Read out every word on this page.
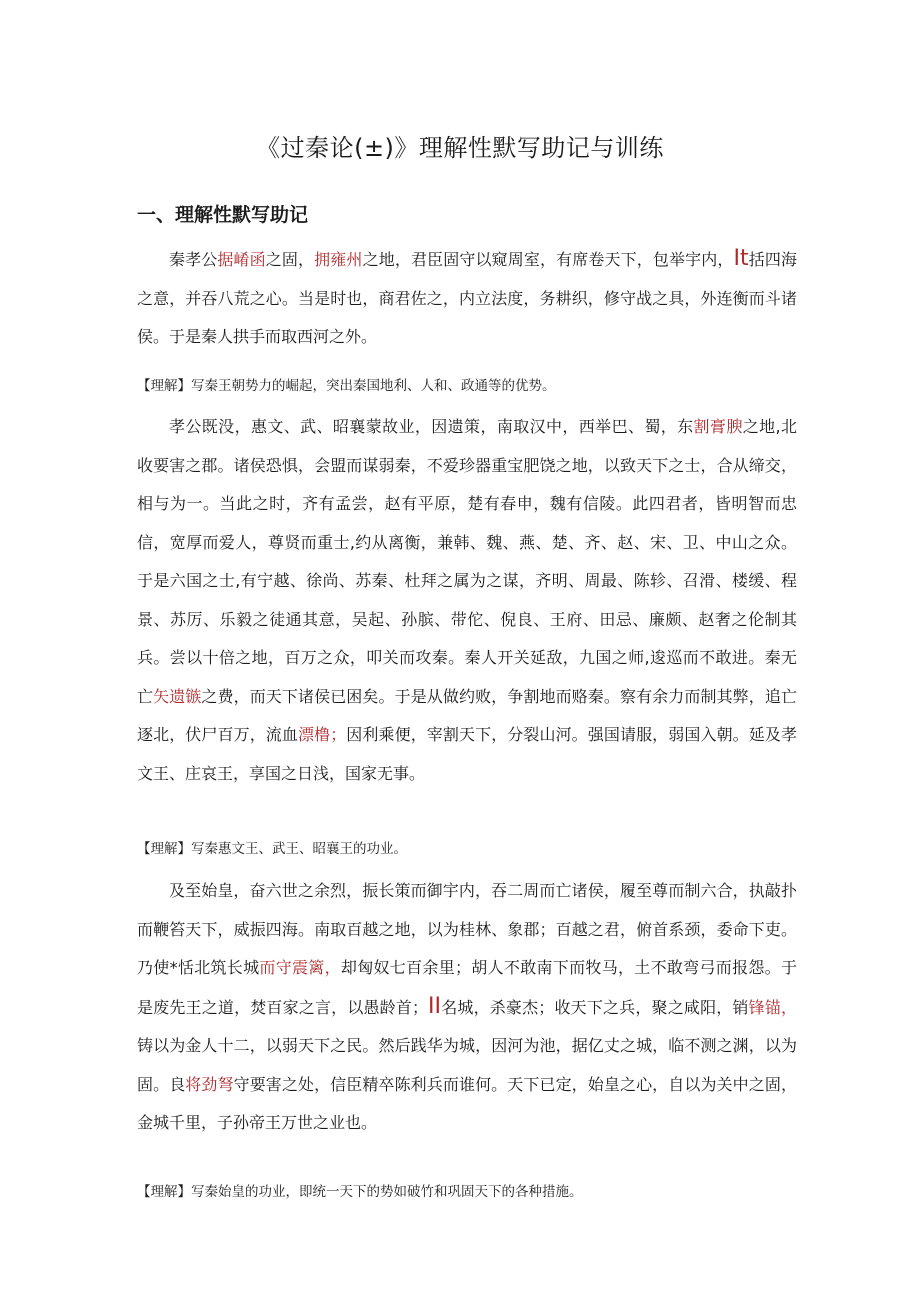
《过秦论(±)》理解性默写助记与训练
一、理解性默写助记
秦孝公据崤函之固，拥雍州之地，君臣固守以窥周室，有席卷天下，包举宇内，It括四海之意，并吞八荒之心。当是时也，商君佐之，内立法度，务耕织，修守战之具，外连衡而斗诸侯。于是秦人拱手而取西河之外。
【理解】写秦王朝势力的崛起，突出秦国地利、人和、政通等的优势。
孝公既没，惠文、武、昭襄蒙故业，因遗策，南取汉中，西举巴、蜀，东割膏腴之地,北收要害之郡。诸侯恐惧，会盟而谋弱秦，不爱珍器重宝肥饶之地，以致天下之士，合从缔交，相与为一。当此之时，齐有孟尝，赵有平原，楚有春申，魏有信陵。此四君者，皆明智而忠信，宽厚而爱人，尊贤而重士,约从离衡，兼韩、魏、燕、楚、齐、赵、宋、卫、中山之众。于是六国之士,有宁越、徐尚、苏秦、杜拜之属为之谋，齐明、周最、陈轸、召滑、楼缓、程景、苏厉、乐毅之徒通其意，吴起、孙膑、带佗、倪良、王府、田忌、廉颇、赵奢之伦制其兵。尝以十倍之地，百万之众，叩关而攻秦。秦人开关延敌，九国之师,逡巡而不敢进。秦无亡矢遗镞之费，而天下诸侯已困矣。于是从做约败，争割地而赂秦。察有余力而制其弊，追亡逐北，伏尸百万，流血漂橹；因利乘便，宰割天下，分裂山河。强国请服，弱国入朝。延及孝文王、庄哀王，享国之日浅，国家无事。
【理解】写秦惠文王、武王、昭襄王的功业。
及至始皇，奋六世之余烈，振长策而御宇内，吞二周而亡诸侯，履至尊而制六合，执敲扑而鞭笞天下，威振四海。南取百越之地，以为桂林、象郡；百越之君，俯首系颈，委命下吏。乃使*恬北筑长城而守震篱，却匈奴七百余里；胡人不敢南下而牧马，土不敢弯弓而报怨。于是废先王之道，焚百家之言，以愚龄首；II名城，杀豪杰；收天下之兵，聚之咸阳，销锋锚，铸以为金人十二，以弱天下之民。然后践华为城，因河为池，据亿丈之城，临不测之渊，以为固。良将劲弩守要害之处，信臣精卒陈利兵而谁何。天下已定，始皇之心，自以为关中之固，金城千里，子孙帝王万世之业也。
【理解】写秦始皇的功业，即统一天下的势如破竹和巩固天下的各种措施。
